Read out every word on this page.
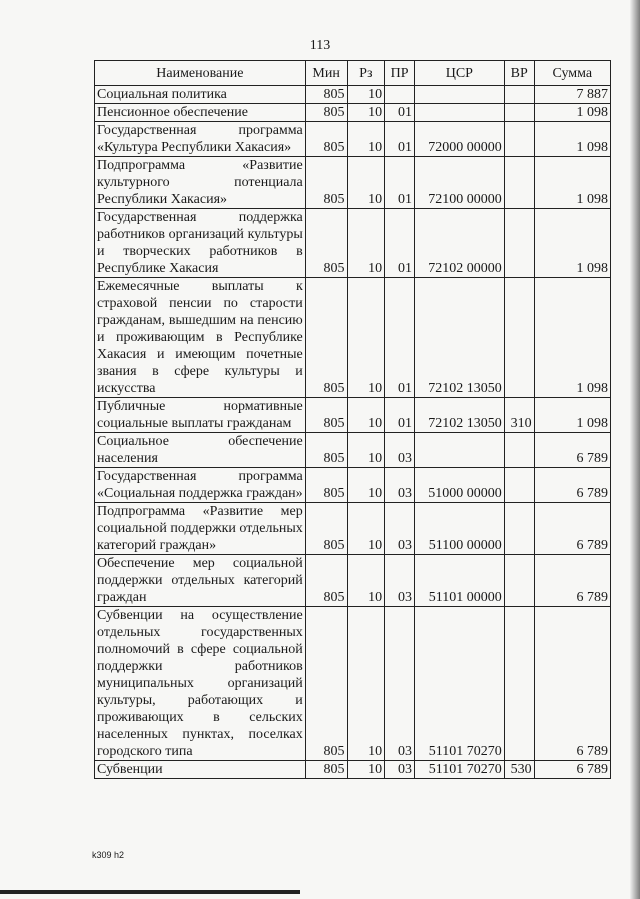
113
Наименование	Мин	Рз	ПР	ЦСР	ВР	Сумма
Социальная политика	805	10				7 887
Пенсионное обеспечение	805	10	01			1 098
Государственная программа «Культура Республики Хакасия»	805	10	01	72000 00000		1 098
Подпрограмма «Развитие культурного потенциала Республики Хакасия»	805	10	01	72100 00000		1 098
Государственная поддержка работников организаций культуры и творческих работников в Республике Хакасия	805	10	01	72102 00000		1 098
Ежемесячные выплаты к страховой пенсии по старости гражданам, вышедшим на пенсию и проживающим в Республике Хакасия и имеющим почетные звания в сфере культуры и искусства	805	10	01	72102 13050		1 098
Публичные нормативные социальные выплаты гражданам	805	10	01	72102 13050	310	1 098
Социальное обеспечение населения	805	10	03			6 789
Государственная программа «Социальная поддержка граждан»	805	10	03	51000 00000		6 789
Подпрограмма «Развитие мер социальной поддержки отдельных категорий граждан»	805	10	03	51100 00000		6 789
Обеспечение мер социальной поддержки отдельных категорий граждан	805	10	03	51101 00000		6 789
Субвенции на осуществление отдельных государственных полномочий в сфере социальной поддержки работников муниципальных организаций культуры, работающих и проживающих в сельских населенных пунктах, поселках городского типа	805	10	03	51101 70270		6 789
Субвенции	805	10	03	51101 70270	530	6 789
k309 h2
